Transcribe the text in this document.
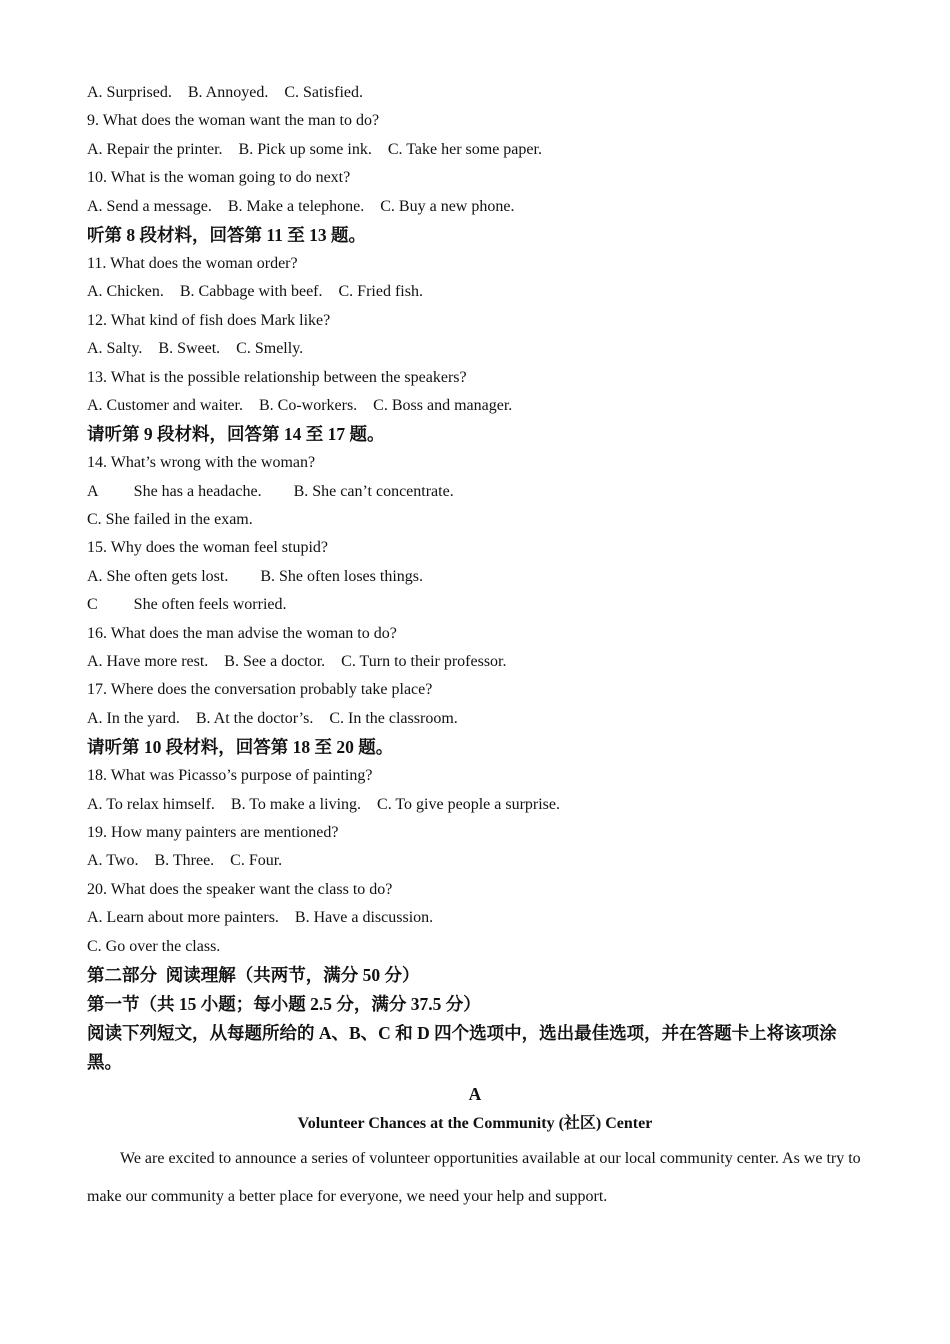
A. Surprised.    B. Annoyed.    C. Satisfied.
9. What does the woman want the man to do?
A. Repair the printer.    B. Pick up some ink.    C. Take her some paper.
10. What is the woman going to do next?
A. Send a message.    B. Make a telephone.    C. Buy a new phone.
听第 8 段材料，回答第 11 至 13 题。
11. What does the woman order?
A. Chicken.    B. Cabbage with beef.    C. Fried fish.
12. What kind of fish does Mark like?
A. Salty.    B. Sweet.    C. Smelly.
13. What is the possible relationship between the speakers?
A. Customer and waiter.    B. Co-workers.    C. Boss and manager.
请听第 9 段材料，回答第 14 至 17 题。
14. What’s wrong with the woman?
A         She has a headache.        B. She can’t concentrate.
C. She failed in the exam.
15. Why does the woman feel stupid?
A. She often gets lost.        B. She often loses things.
C         She often feels worried.
16. What does the man advise the woman to do?
A. Have more rest.    B. See a doctor.    C. Turn to their professor.
17. Where does the conversation probably take place?
A. In the yard.    B. At the doctor’s.    C. In the classroom.
请听第 10 段材料，回答第 18 至 20 题。
18. What was Picasso’s purpose of painting?
A. To relax himself.    B. To make a living.    C. To give people a surprise.
19. How many painters are mentioned?
A. Two.    B. Three.    C. Four.
20. What does the speaker want the class to do?
A. Learn about more painters.    B. Have a discussion.
C. Go over the class.
第二部分  阅读理解（共两节，满分 50 分）
第一节（共 15 小题；每小题 2.5 分，满分 37.5 分）
阅读下列短文，从每题所给的 A、B、C 和 D 四个选项中，选出最佳选项，并在答题卡上将该项涂黑。
A
Volunteer Chances at the Community (社区) Center
We are excited to announce a series of volunteer opportunities available at our local community center. As we try to make our community a better place for everyone, we need your help and support.
